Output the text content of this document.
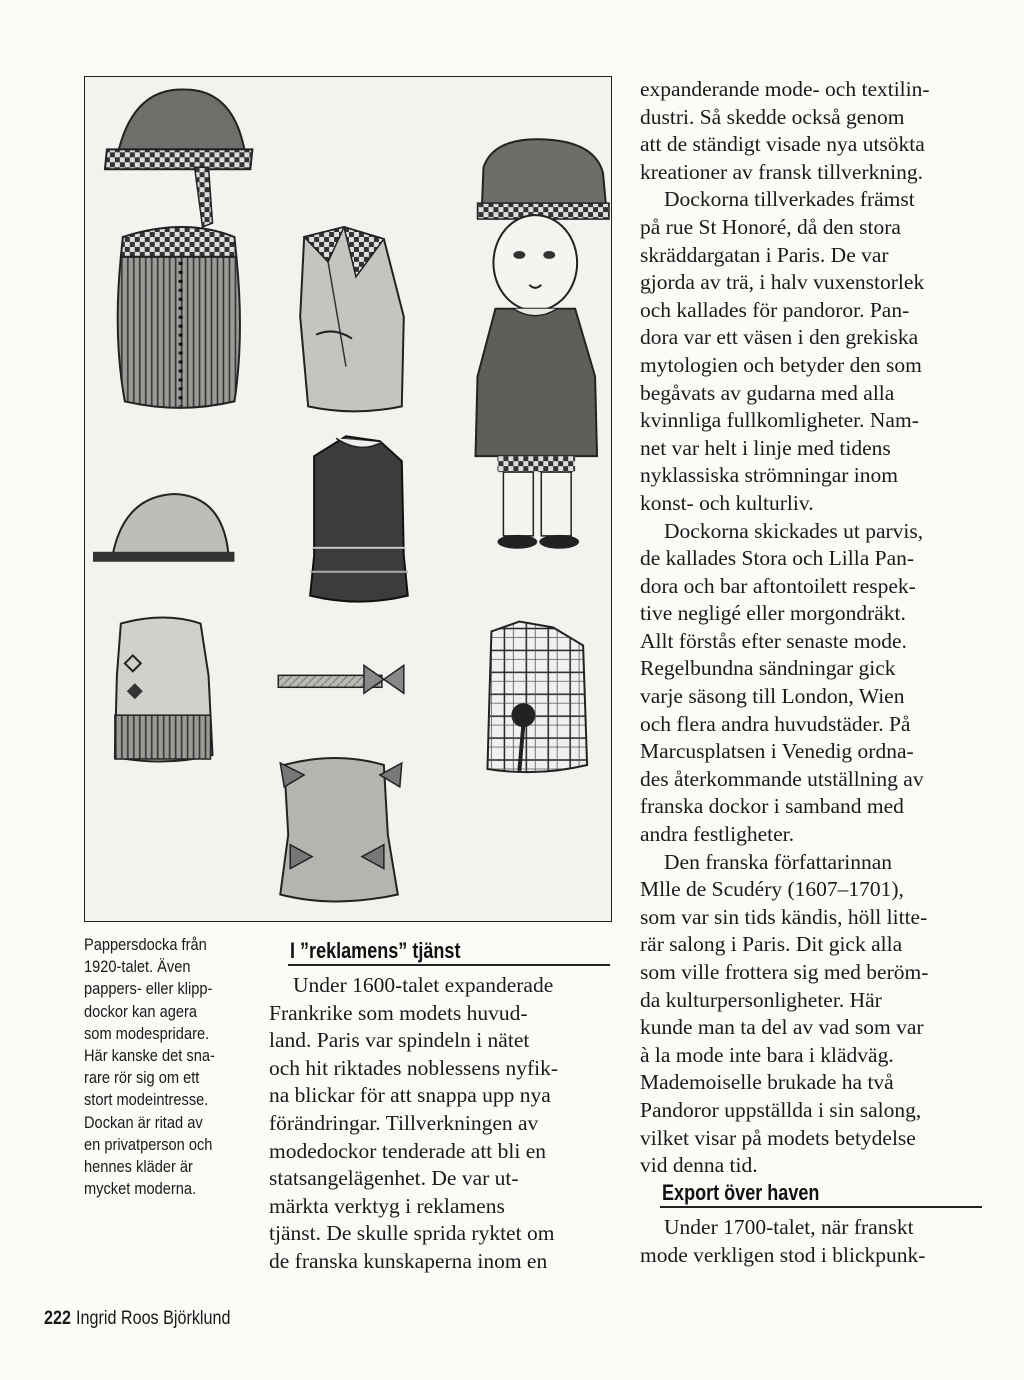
Pappersdocka från
1920-talet. Även
pappers- eller klipp-
dockor kan agera
som modespridare.
Här kanske det sna-
rare rör sig om ett
stort modeintresse.
Dockan är ritad av
en privatperson och
hennes kläder är
mycket moderna.
I ”reklamens” tjänst
Under 1600-talet expanderade
Frankrike som modets huvud-
land. Paris var spindeln i nätet
och hit riktades noblessens nyfik-
na blickar för att snappa upp nya
förändringar. Tillverkningen av
modedockor tenderade att bli en
statsangelägenhet. De var ut-
märkta verktyg i reklamens
tjänst. De skulle sprida ryktet om
de franska kunskaperna inom en
expanderande mode- och textilin-
dustri. Så skedde också genom
att de ständigt visade nya utsökta
kreationer av fransk tillverkning.
Dockorna tillverkades främst
på rue St Honoré, då den stora
skräddargatan i Paris. De var
gjorda av trä, i halv vuxenstorlek
och kallades för pandoror. Pan-
dora var ett väsen i den grekiska
mytologien och betyder den som
begåvats av gudarna med alla
kvinnliga fullkomligheter. Nam-
net var helt i linje med tidens
nyklassiska strömningar inom
konst- och kulturliv.
Dockorna skickades ut parvis,
de kallades Stora och Lilla Pan-
dora och bar aftontoilett respek-
tive negligé eller morgondräkt.
Allt förstås efter senaste mode.
Regelbundna sändningar gick
varje säsong till London, Wien
och flera andra huvudstäder. På
Marcusplatsen i Venedig ordna-
des återkommande utställning av
franska dockor i samband med
andra festligheter.
Den franska författarinnan
Mlle de Scudéry (1607–1701),
som var sin tids kändis, höll litte-
rär salong i Paris. Dit gick alla
som ville frottera sig med beröm-
da kulturpersonligheter. Här
kunde man ta del av vad som var
à la mode inte bara i klädväg.
Mademoiselle brukade ha två
Pandoror uppställda i sin salong,
vilket visar på modets betydelse
vid denna tid.
Export över haven
Under 1700-talet, när franskt
mode verkligen stod i blickpunk-
222 Ingrid Roos Björklund
